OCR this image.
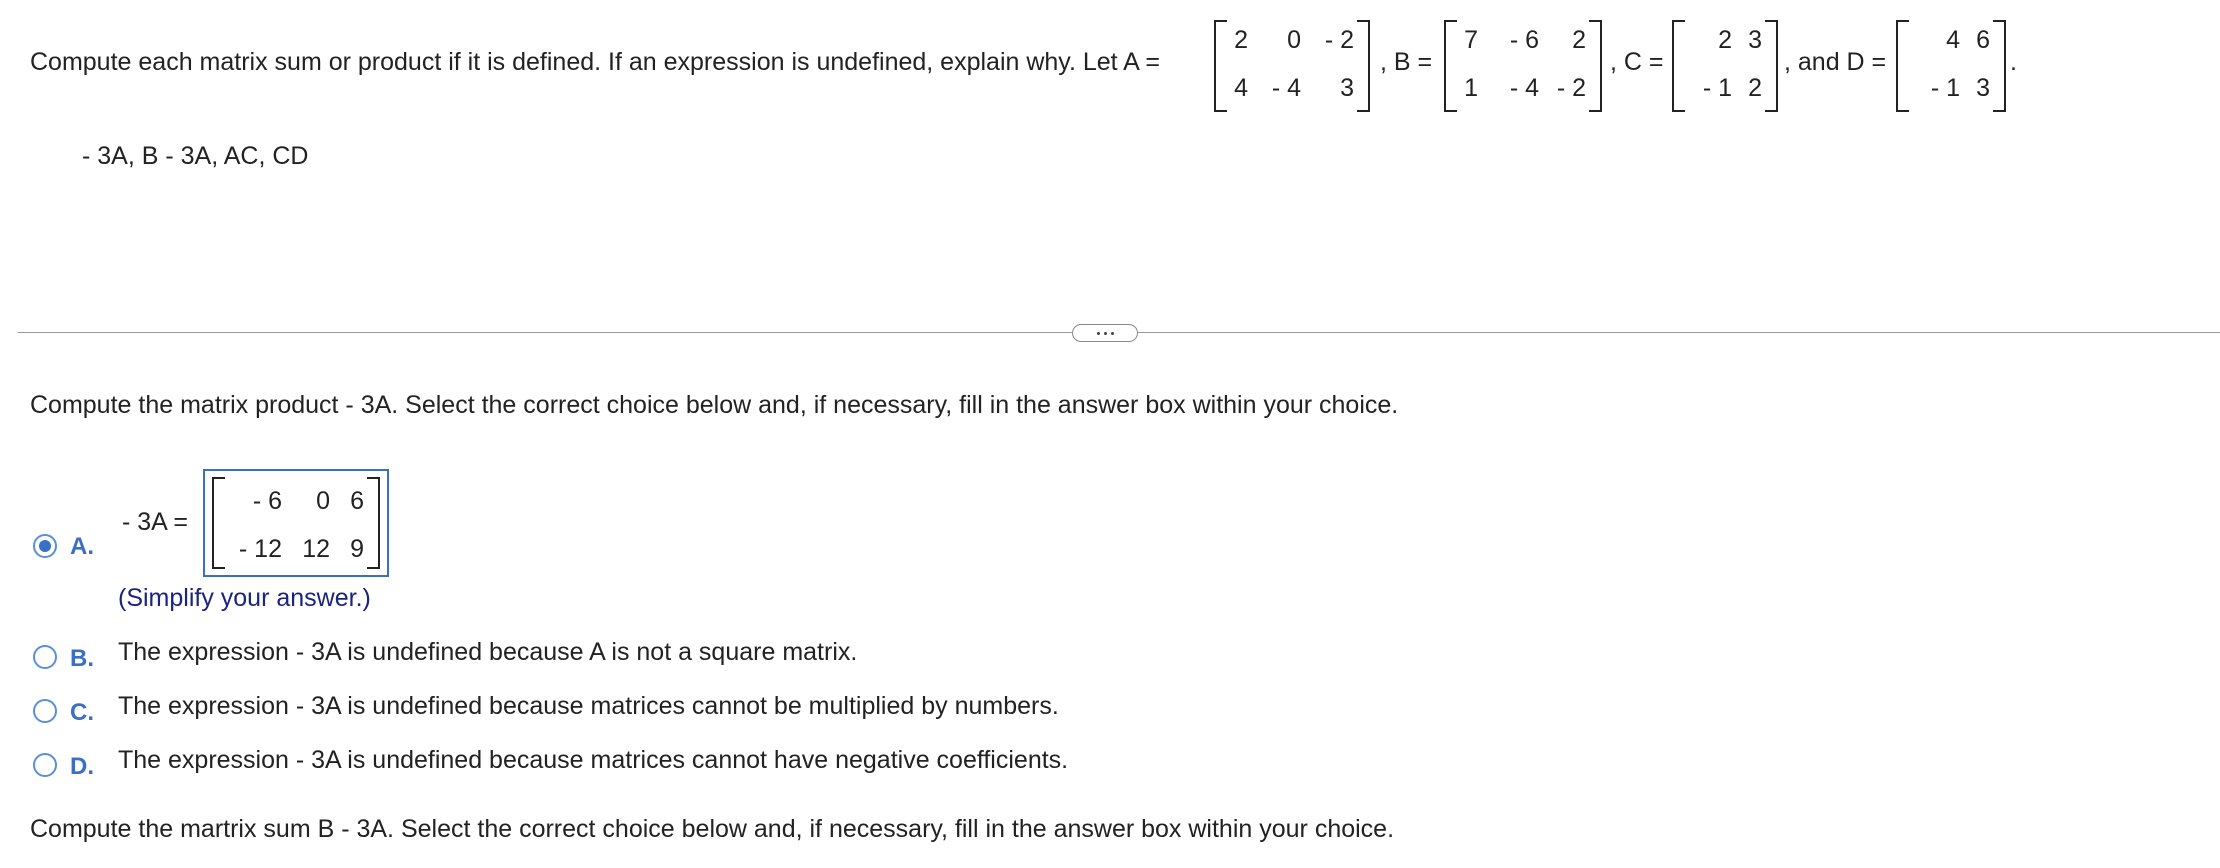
Compute each matrix sum or product if it is defined. If an expression is undefined, explain why. Let A =
2 0 - 2
4 - 4 3
, B =
7 - 6 2
1 - 4 - 2
, C =
2 3
- 1 2
, and D =
4 6
- 1 3
.
- 3A, B - 3A, AC, CD
Compute the matrix product - 3A. Select the correct choice below and, if necessary, fill in the answer box within your choice.
A.
- 3A =
- 6 0 6
- 12 12 9
(Simplify your answer.)
B. The expression - 3A is undefined because A is not a square matrix.
C. The expression - 3A is undefined because matrices cannot be multiplied by numbers.
D. The expression - 3A is undefined because matrices cannot have negative coefficients.
Compute the martrix sum B - 3A. Select the correct choice below and, if necessary, fill in the answer box within your choice.
